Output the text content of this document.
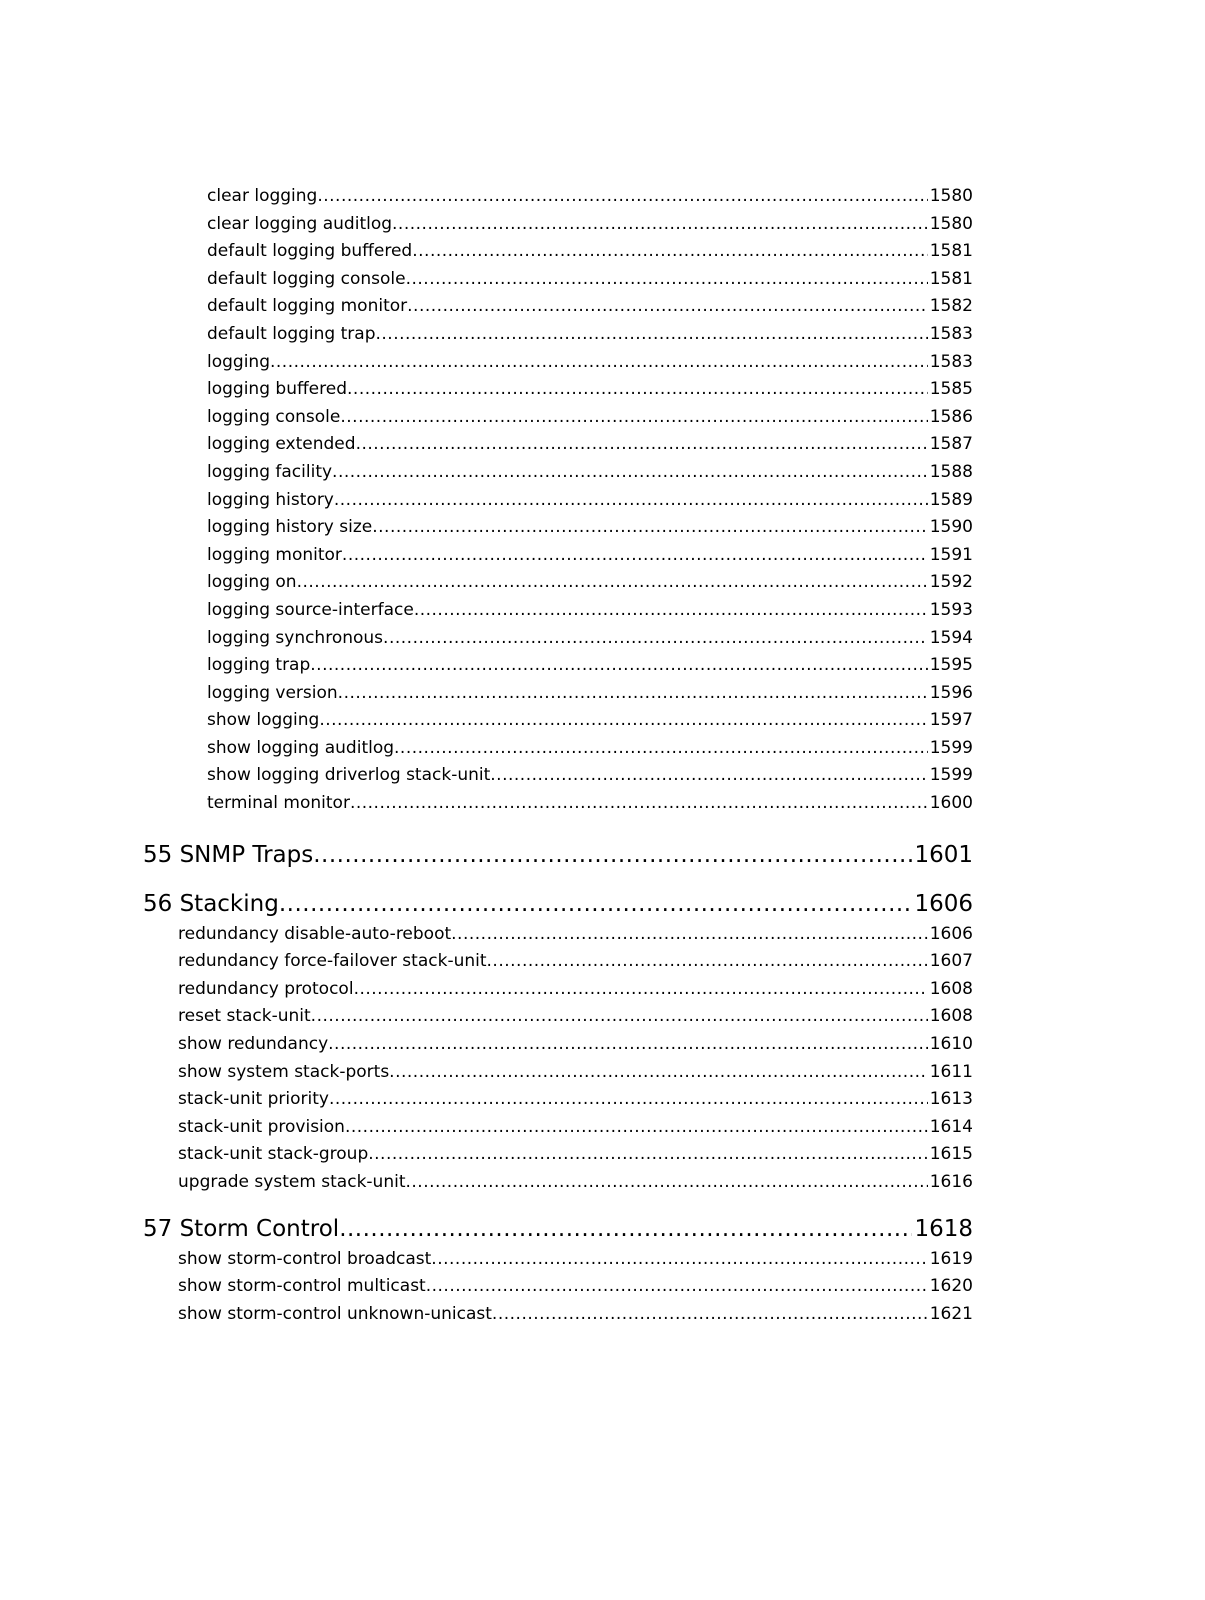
clear logging .....	1580
clear logging auditlog .....	1580
default logging buffered .....	1581
default logging console .....	1581
default logging monitor .....	1582
default logging trap .....	1583
logging .....	1583
logging buffered .....	1585
logging console .....	1586
logging extended .....	1587
logging facility .....	1588
logging history .....	1589
logging history size .....	1590
logging monitor .....	1591
logging on .....	1592
logging source-interface .....	1593
logging synchronous .....	1594
logging trap .....	1595
logging version .....	1596
show logging .....	1597
show logging auditlog .....	1599
show logging driverlog stack-unit .....	1599
terminal monitor .....	1600
55 SNMP Traps .....	1601
56 Stacking .....	1606
redundancy disable-auto-reboot .....	1606
redundancy force-failover stack-unit .....	1607
redundancy protocol .....	1608
reset stack-unit .....	1608
show redundancy .....	1610
show system stack-ports .....	1611
stack-unit priority .....	1613
stack-unit provision .....	1614
stack-unit stack-group .....	1615
upgrade system stack-unit .....	1616
57 Storm Control .....	1618
show storm-control broadcast .....	1619
show storm-control multicast .....	1620
show storm-control unknown-unicast .....	1621
